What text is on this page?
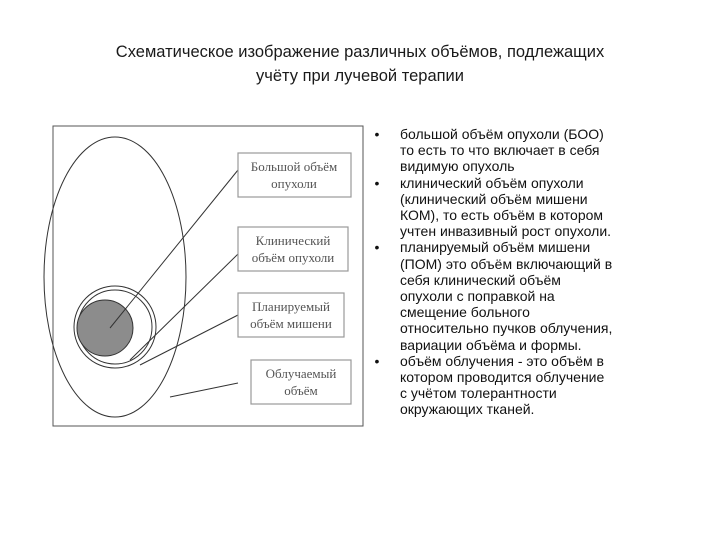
Схематическое изображение различных объёмов, подлежащих
учёту при лучевой терапии
Большой объём
опухоли
Клинический
объём опухоли
Планируемый
объём мишени
Облучаемый
объём
• большой объём опухоли (БОО)
то есть то что включает в себя
видимую опухоль
• клинический объём опухоли
(клинический объём мишени
КОМ), то есть объём в котором
учтен инвазивный рост опухоли.
• планируемый объём мишени
(ПОМ) это объём включающий в
себя клинический объём
опухоли с поправкой на
смещение больного
относительно пучков облучения,
вариации объёма и формы.
• объём облучения - это объём в
котором проводится облучение
с учётом толерантности
окружающих тканей.
